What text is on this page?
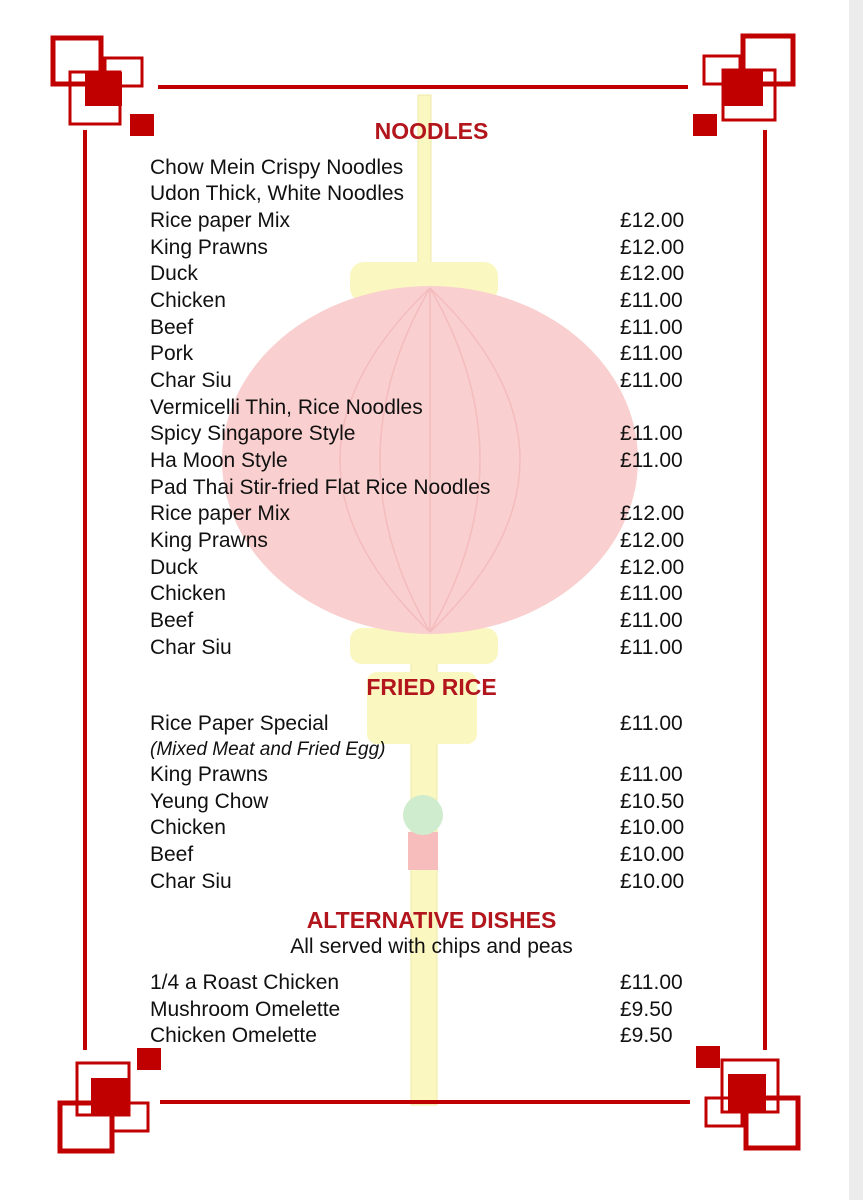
NOODLES
Chow Mein Crispy Noodles
Udon Thick, White Noodles
Rice paper Mix	£12.00
King Prawns	£12.00
Duck	£12.00
Chicken	£11.00
Beef	£11.00
Pork	£11.00
Char Siu	£11.00
Vermicelli Thin, Rice Noodles
Spicy Singapore Style	£11.00
Ha Moon Style	£11.00
Pad Thai Stir-fried Flat Rice Noodles
Rice paper Mix	£12.00
King Prawns	£12.00
Duck	£12.00
Chicken	£11.00
Beef	£11.00
Char Siu	£11.00
FRIED RICE
Rice Paper Special	£11.00
(Mixed Meat and Fried Egg)
King Prawns	£11.00
Yeung Chow	£10.50
Chicken	£10.00
Beef	£10.00
Char Siu	£10.00
ALTERNATIVE DISHES
All served with chips and peas
1/4 a Roast Chicken	£11.00
Mushroom Omelette	£9.50
Chicken Omelette	£9.50
